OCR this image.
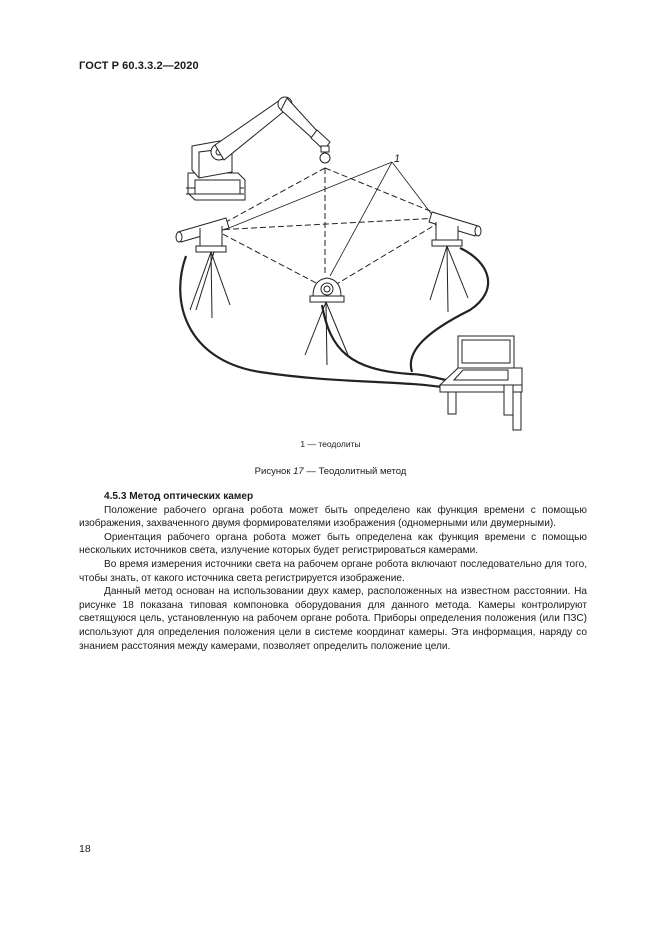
ГОСТ Р 60.3.3.2—2020
1
1 — теодолиты
Рисунок 17 — Теодолитный метод
4.5.3 Метод оптических камер

Положение рабочего органа робота может быть определено как функция времени с помощью изображения, захваченного двумя формирователями изображения (одномерными или двумерными).

Ориентация рабочего органа робота может быть определена как функция времени с помощью нескольких источников света, излучение которых будет регистрироваться камерами.

Во время измерения источники света на рабочем органе робота включают последовательно для того, чтобы знать, от какого источника света регистрируется изображение.

Данный метод основан на использовании двух камер, расположенных на известном расстоянии. На рисунке 18 показана типовая компоновка оборудования для данного метода. Камеры контролируют светящуюся цель, установленную на рабочем органе робота. Приборы определения положения (или ПЗС) используют для определения положения цели в системе координат камеры. Эта информация, наряду со знанием расстояния между камерами, позволяет определить положение цели.

18
